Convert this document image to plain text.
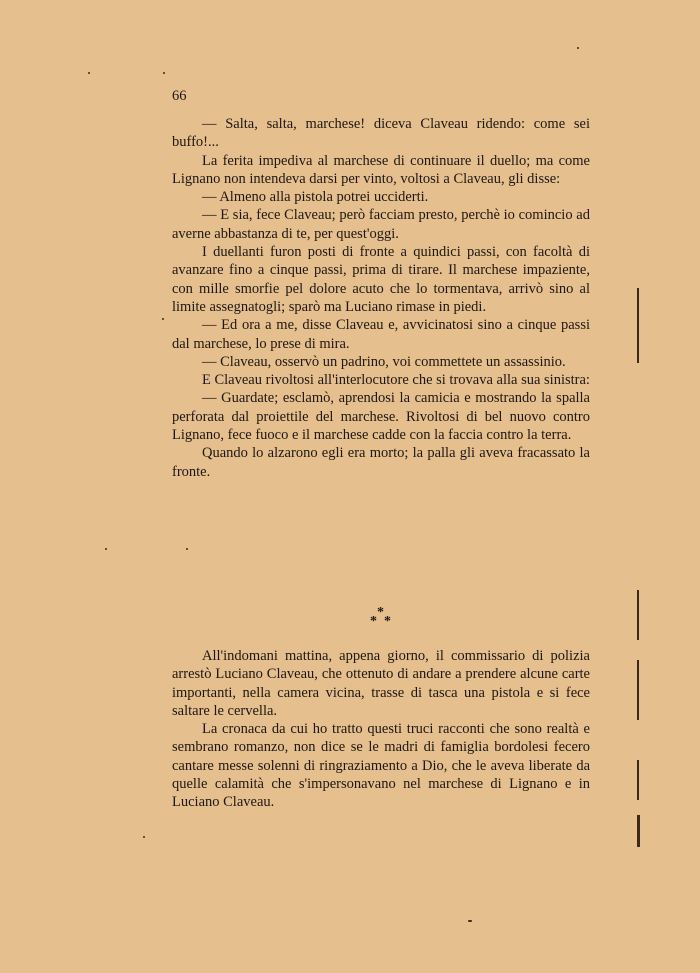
66

— Salta, salta, marchese! diceva Claveau ridendo: come sei buffo!...

La ferita impediva al marchese di continuare il duello; ma come Lignano non intendeva darsi per vinto, voltosi a Claveau, gli disse:

— Almeno alla pistola potrei ucciderti.

— E sia, fece Claveau; però facciam presto, perchè io comincio ad averne abbastanza di te, per quest'oggi.

I duellanti furon posti di fronte a quindici passi, con facoltà di avanzare fino a cinque passi, prima di tirare. Il marchese impaziente, con mille smorfie pel dolore acuto che lo tormentava, arrivò sino al limite assegnatogli; sparò ma Luciano rimase in piedi.

— Ed ora a me, disse Claveau e, avvicinatosi sino a cinque passi dal marchese, lo prese di mira.

— Claveau, osservò un padrino, voi commettete un assassinio.

E Claveau rivoltosi all'interlocutore che si trovava alla sua sinistra:

— Guardate; esclamò, aprendosi la camicia e mostrando la spalla perforata dal proiettile del marchese. Rivoltosi di bel nuovo contro Lignano, fece fuoco e il marchese cadde con la faccia contro la terra.

Quando lo alzarono egli era morto; la palla gli aveva fracassato la fronte.

*
* *

All'indomani mattina, appena giorno, il commissario di polizia arrestò Luciano Claveau, che ottenuto di andare a prendere alcune carte importanti, nella camera vicina, trasse di tasca una pistola e si fece saltare le cervella.

La cronaca da cui ho tratto questi truci racconti che sono realtà e sembrano romanzo, non dice se le madri di famiglia bordolesi fecero cantare messe solenni di ringraziamento a Dio, che le aveva liberate da quelle calamità che s'impersonavano nel marchese di Lignano e in Luciano Claveau.
